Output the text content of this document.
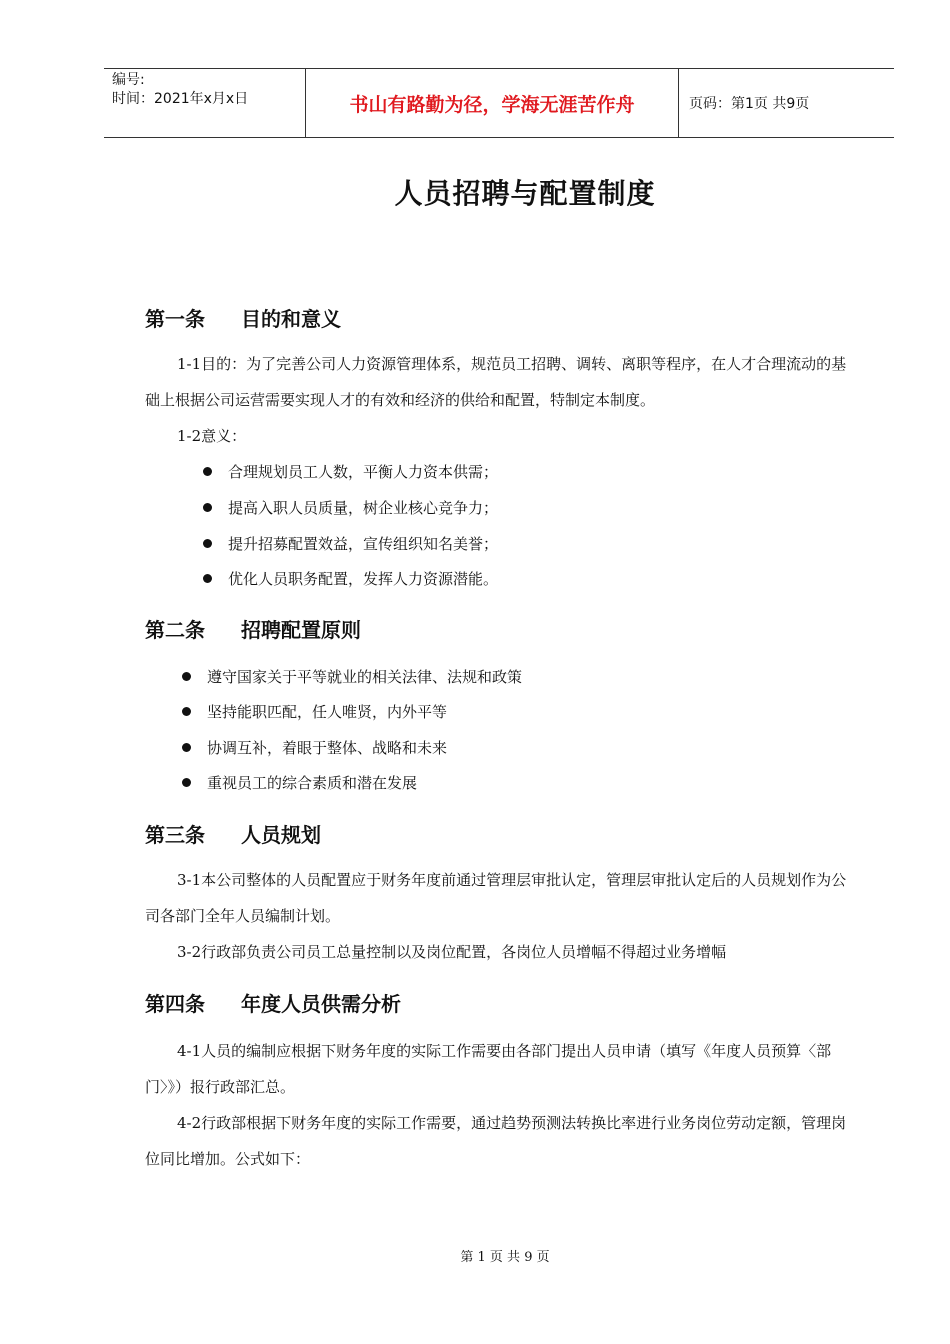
编号:
时间：2021年x月x日	书山有路勤为径，学海无涯苦作舟	页码：第1页 共9页
人员招聘与配置制度
第一条 目的和意义
1-1目的：为了完善公司人力资源管理体系，规范员工招聘、调转、离职等程序，在人才合理流动的基础上根据公司运营需要实现人才的有效和经济的供给和配置，特制定本制度。
1-2意义：
合理规划员工人数，平衡人力资本供需；
提高入职人员质量，树企业核心竞争力；
提升招募配置效益，宣传组织知名美誉；
优化人员职务配置，发挥人力资源潜能。
第二条 招聘配置原则
遵守国家关于平等就业的相关法律、法规和政策
坚持能职匹配，任人唯贤，内外平等
协调互补，着眼于整体、战略和未来
重视员工的综合素质和潜在发展
第三条 人员规划
3-1本公司整体的人员配置应于财务年度前通过管理层审批认定，管理层审批认定后的人员规划作为公司各部门全年人员编制计划。
3-2行政部负责公司员工总量控制以及岗位配置，各岗位人员增幅不得超过业务增幅
第四条 年度人员供需分析
4-1人员的编制应根据下财务年度的实际工作需要由各部门提出人员申请（填写《年度人员预算〈部门〉》）报行政部汇总。
4-2行政部根据下财务年度的实际工作需要，通过趋势预测法转换比率进行业务岗位劳动定额，管理岗位同比增加。公式如下：
第 1 页 共 9 页
